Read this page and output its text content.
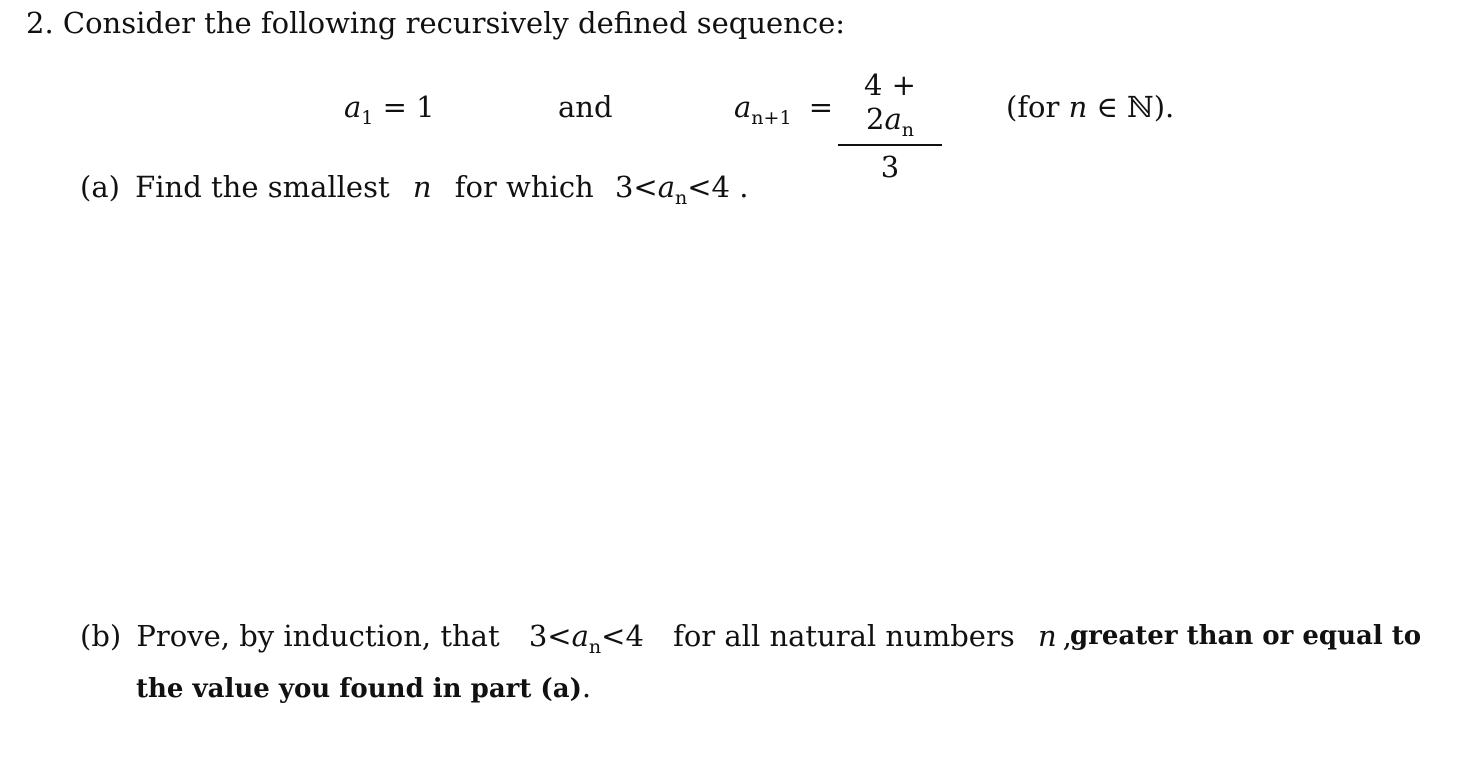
2. Consider the following recursively defined sequence:
$a_1 = 1$	and	$a_{n+1}$ =
$4 + 2a_n$
3
(for n ∈ ℕ).
(a) Find the smallest n for which $3<a_n<4$ .
(b) Prove, by induction, that $3<a_n<4$ for all natural numbers n ,
greater than or equal to
the value you found in part (a).
